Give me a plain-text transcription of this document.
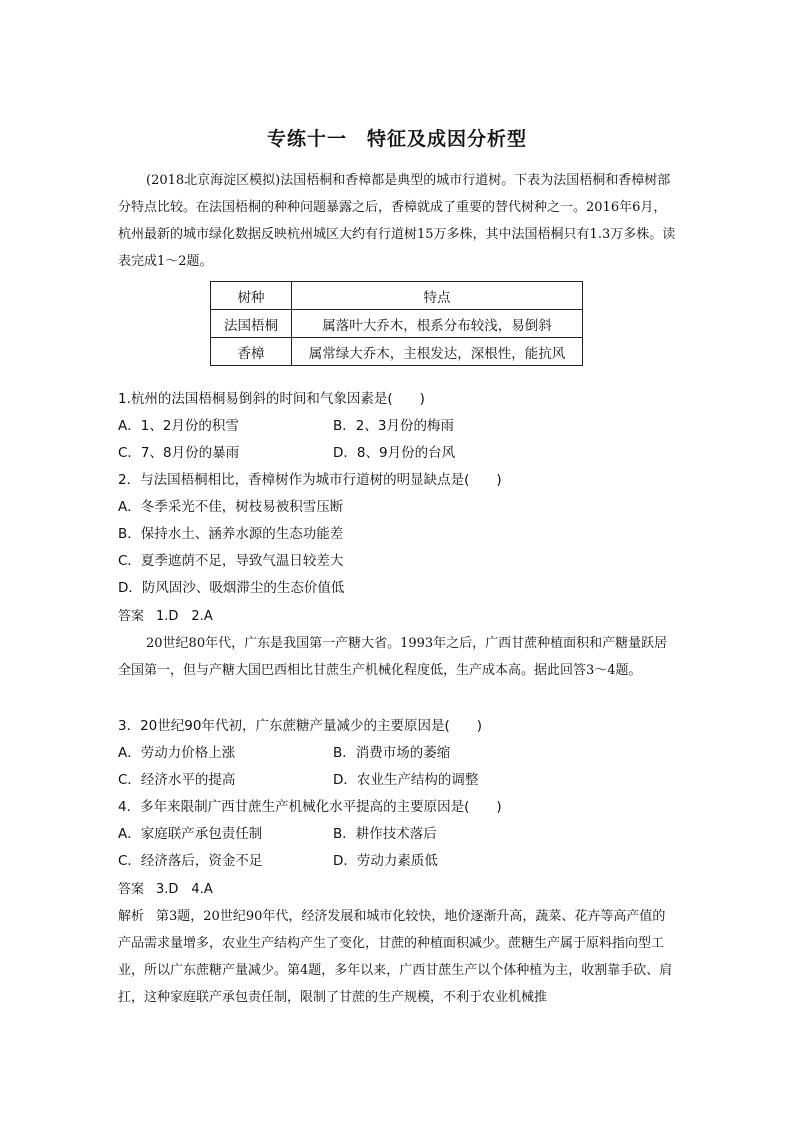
专练十一　特征及成因分析型
(2018北京海淀区模拟)法国梧桐和香樟都是典型的城市行道树。下表为法国梧桐和香樟树部分特点比较。在法国梧桐的种种问题暴露之后，香樟就成了重要的替代树种之一。2016年6月，杭州最新的城市绿化数据反映杭州城区大约有行道树15万多株，其中法国梧桐只有1.3万多株。读表完成1～2题。
树种	特点
法国梧桐	属落叶大乔木，根系分布较浅，易倒斜
香樟	属常绿大乔木，主根发达，深根性，能抗风
1.杭州的法国梧桐易倒斜的时间和气象因素是(　　)
A．1、2月份的积雪	B．2、3月份的梅雨
C．7、8月份的暴雨	D．8、9月份的台风
2．与法国梧桐相比，香樟树作为城市行道树的明显缺点是(　　)
A．冬季采光不佳，树枝易被积雪压断
B．保持水土、涵养水源的生态功能差
C．夏季遮荫不足，导致气温日较差大
D．防风固沙、吸烟滞尘的生态价值低
答案 1.D　2.A
20世纪80年代，广东是我国第一产糖大省。1993年之后，广西甘蔗种植面积和产糖量跃居全国第一，但与产糖大国巴西相比甘蔗生产机械化程度低，生产成本高。据此回答3～4题。
3．20世纪90年代初，广东蔗糖产量减少的主要原因是(　　)
A．劳动力价格上涨	B．消费市场的萎缩
C．经济水平的提高	D．农业生产结构的调整
4．多年来限制广西甘蔗生产机械化水平提高的主要原因是(　　)
A．家庭联产承包责任制	B．耕作技术落后
C．经济落后，资金不足	D．劳动力素质低
答案 3.D　4.A
解析 第3题，20世纪90年代，经济发展和城市化较快，地价逐渐升高，蔬菜、花卉等高产值的产品需求量增多，农业生产结构产生了变化，甘蔗的种植面积减少。蔗糖生产属于原料指向型工业，所以广东蔗糖产量减少。第4题，多年以来，广西甘蔗生产以个体种植为主，收割靠手砍、肩扛，这种家庭联产承包责任制，限制了甘蔗的生产规模，不利于农业机械推
